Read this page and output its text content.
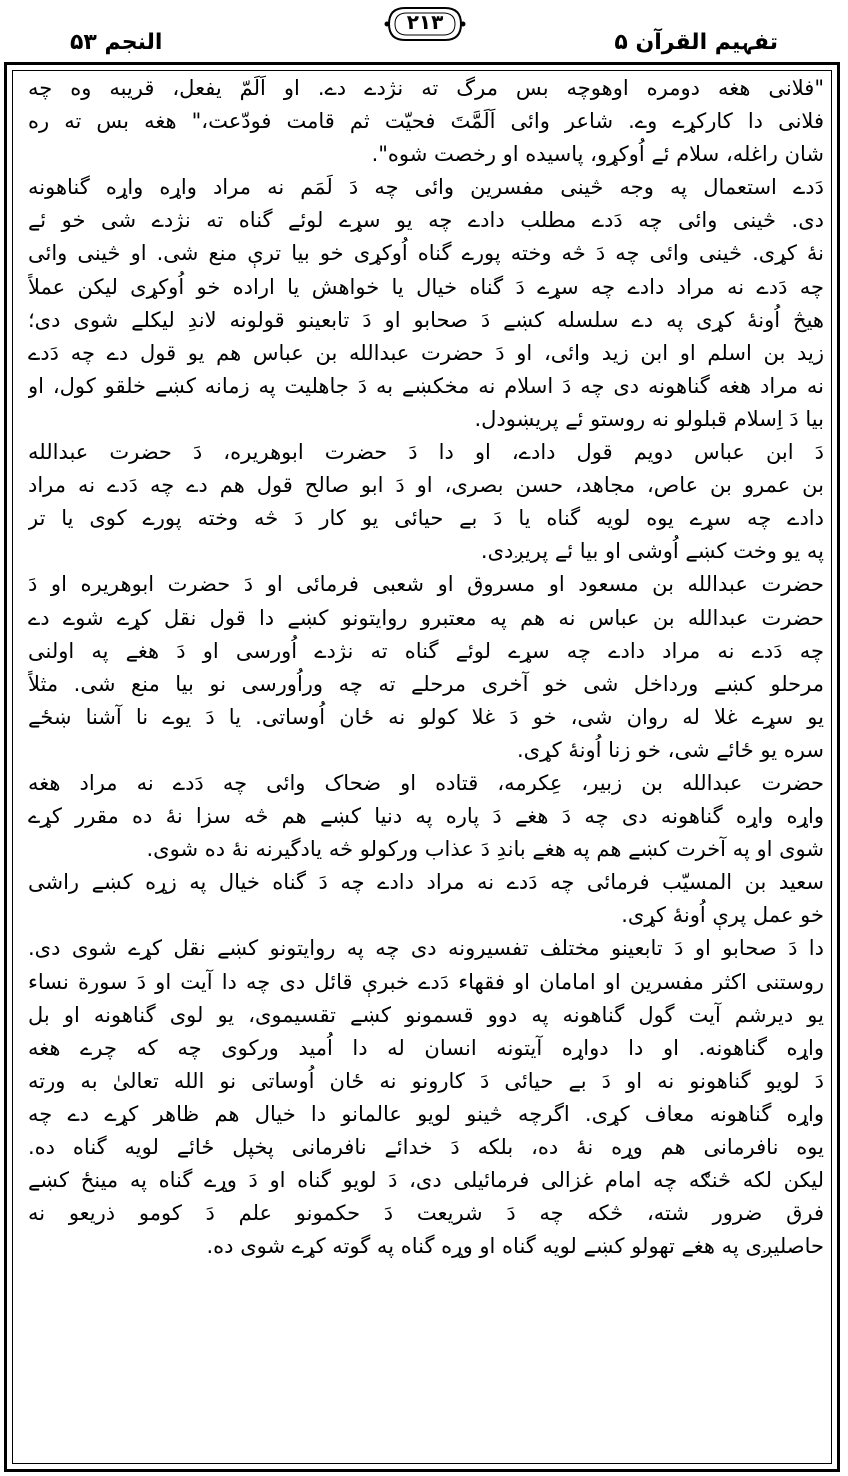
النجم ۵۳
۲۱۳
تفہیم القرآن ۵
"فلانی هغه دومره اوهوچه بس مرگ ته نژدے دے. او اَلَمّ یفعل، قریبه وه چه
فلانی دا کارکړے وے. شاعر وائی اَلَمَّتَ فحیّت ثم قامت فودّعت،" هغه بس ته ره
شان راغله، سلام ئے اُوکړو، پاسیده او رخصت شوه".
دَدے استعمال په وجه څینی مفسرین وائی چه دَ لَمَم نه مراد واړه واړه گناهونه
دی. څینی وائی چه دَدے مطلب دادے چه یو سړے لوئے گناه ته نژدے شی خو ئے
نهٔ کړی. څینی وائی چه دَ څه وخته پورے گناه اُوکړی خو بیا ترې منع شی. او څینی وائی
چه دَدے نه مراد دادے چه سړے دَ گناه خیال یا خواهش یا اراده خو اُوکړی لیکن عملاً
هیڅ اُونهٔ کړی په دے سلسله کښے دَ صحابو او دَ تابعینو قولونه لاندِ لیکلے شوی دی؛
زید بن اسلم او ابن زید وائی، او دَ حضرت عبدالله بن عباس هم یو قول دے چه دَدے
نه مراد هغه گناهونه دی چه دَ اسلام نه مخکښے به دَ جاهلیت په زمانه کښے خلقو کول، او
بیا دَ اِسلام قبلولو نه روستو ئے پریښودل.
دَ ابن عباس دویم قول دادے، او دا دَ حضرت ابوهریره، دَ حضرت عبدالله
بن عمرو بن عاص، مجاهد، حسن بصری، او دَ ابو صالح قول هم دے چه دَدے نه مراد
دادے چه سړے یوه لویه گناه یا دَ بے حیائی یو کار دَ څه وخته پورے کوی یا تر
په یو وخت کښے اُوشی او بیا ئے پریږدی.
حضرت عبدالله بن مسعود او مسروق او شعبی فرمائی او دَ حضرت ابوهریره او دَ
حضرت عبدالله بن عباس نه هم په معتبرو روایتونو کښے دا قول نقل کړے شوے دے
چه دَدے نه مراد دادے چه سړے لوئے گناه ته نژدے اُورسی او دَ هغے په اولنی
مرحلو کښے ورداخل شی خو آخری مرحلے ته چه وراُورسی نو بیا منع شی. مثلاً
یو سړے غلا له روان شی، خو دَ غلا کولو نه ځان اُوساتی. یا دَ یوے نا آشنا ښځے
سره یو ځائے شی، خو زنا اُونهٔ کړی.
حضرت عبدالله بن زبیر، عِکرمه، قتاده او ضحاک وائی چه دَدے نه مراد هغه
واړه واړه گناهونه دی چه دَ هغے دَ پاره په دنیا کښے هم څه سزا نهٔ ده مقرر کړے
شوی او په آخرت کښے هم په هغے باندِ دَ عذاب ورکولو څه یادگیرنه نهٔ ده شوی.
سعید بن المسیّب فرمائی چه دَدے نه مراد دادے چه دَ گناه خیال په زړه کښے راشی
خو عمل پرې اُونهٔ کړی.
دا دَ صحابو او دَ تابعینو مختلف تفسیرونه دی چه په روایتونو کښے نقل کړے شوی دی.
روستنی اکثر مفسرین او امامان او فقهاء دَدے خبرې قائل دی چه دا آیت او دَ سورة نساء
یو دیرشم آیت گول گناهونه په دوو قسمونو کښے تقسیموی، یو لوی گناهونه او بل
واړه گناهونه. او دا دواړه آیتونه انسان له دا اُمید ورکوی چه که چرے هغه
دَ لویو گناهونو نه او دَ بے حیائی دَ کارونو نه ځان اُوساتی نو الله تعالیٰ به ورته
واړه گناهونه معاف کړی. اگرچه څینو لویو عالمانو دا خیال هم ظاهر کړے دے چه
یوه نافرمانی هم وړه نهٔ ده، بلکه دَ خدائے نافرمانی پخپل ځائے لویه گناه ده.
لیکن لکه څنګه چه امام غزالی فرمائیلی دی، دَ لویو گناه او دَ وړے گناه په مینځ کښے
فرق ضرور شته، څکه چه دَ شریعت دَ حکمونو علم دَ کومو ذریعو نه
حاصلیږی په هغے تهولو کښے لویه گناه او وړه گناه په گوته کړے شوی ده.
